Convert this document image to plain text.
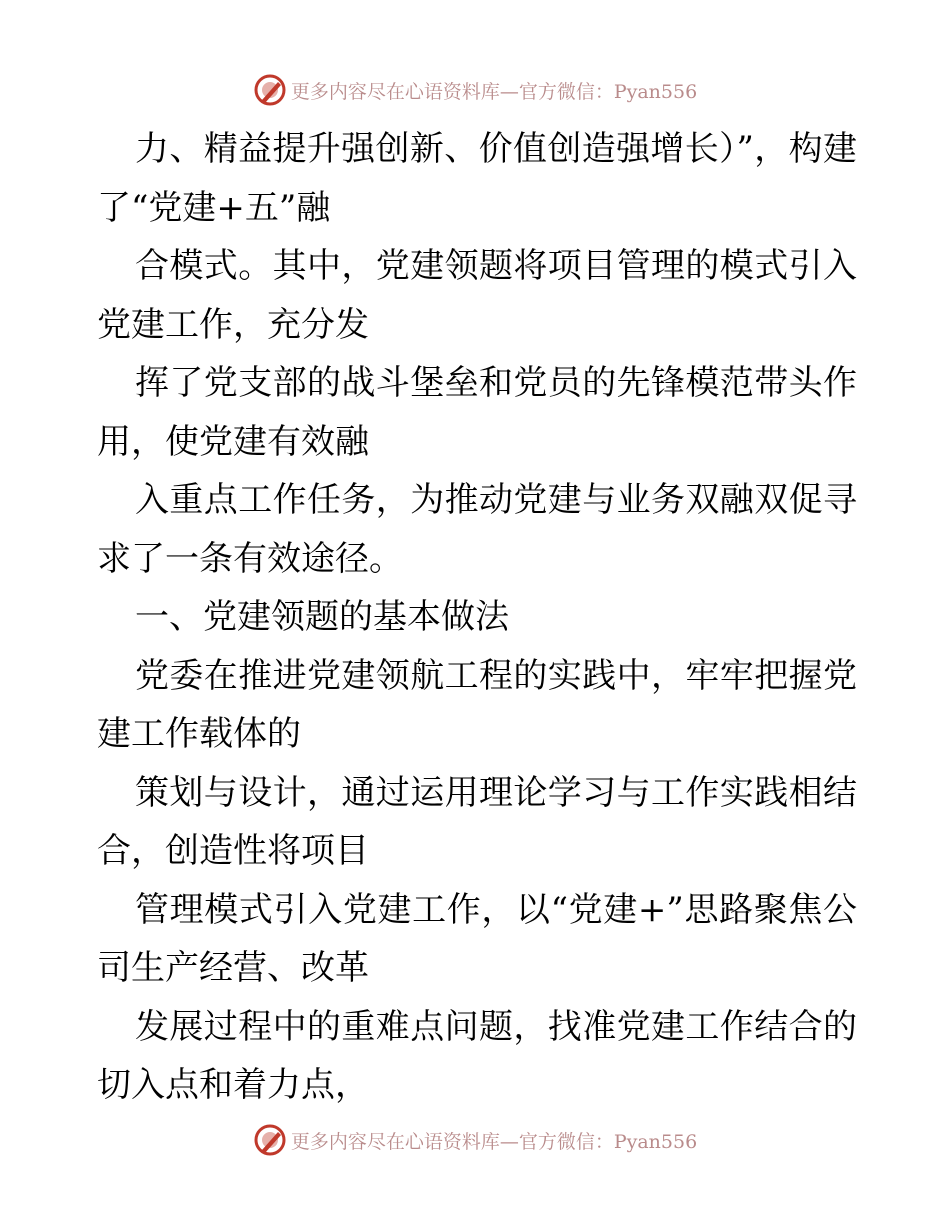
更多内容尽在心语资料库—官方微信：Pyan556

力、精益提升强创新、价值创造强增长）”，构建了“党建+五”融

合模式。其中，党建领题将项目管理的模式引入党建工作，充分发

挥了党支部的战斗堡垒和党员的先锋模范带头作用，使党建有效融

入重点工作任务，为推动党建与业务双融双促寻求了一条有效途径。

一、党建领题的基本做法

党委在推进党建领航工程的实践中，牢牢把握党建工作载体的

策划与设计，通过运用理论学习与工作实践相结合，创造性将项目

管理模式引入党建工作，以“党建+”思路聚焦公司生产经营、改革

发展过程中的重难点问题，找准党建工作结合的切入点和着力点，

更多内容尽在心语资料库—官方微信：Pyan556
